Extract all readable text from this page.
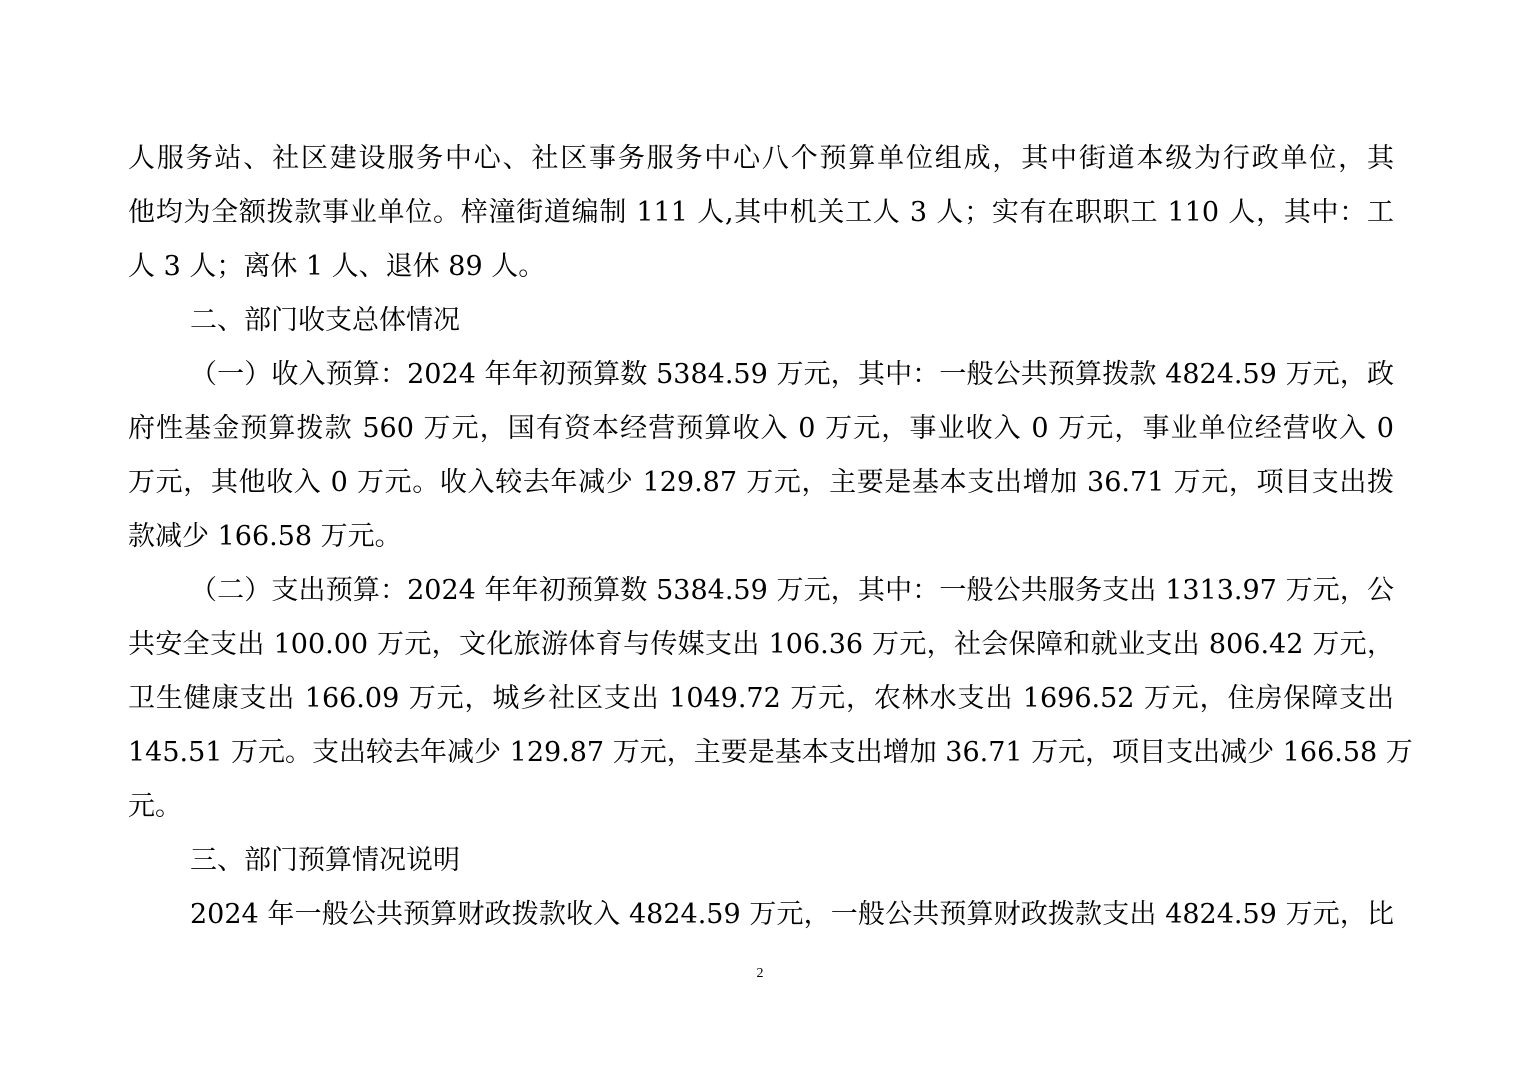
人服务站、社区建设服务中心、社区事务服务中心八个预算单位组成，其中街道本级为行政单位，其
他均为全额拨款事业单位。梓潼街道编制 111 人,其中机关工人 3 人；实有在职职工 110 人，其中：工
人 3 人；离休 1 人、退休 89 人。
二、部门收支总体情况
（一）收入预算：2024 年年初预算数 5384.59 万元，其中：一般公共预算拨款 4824.59 万元，政
府性基金预算拨款 560 万元，国有资本经营预算收入 0 万元，事业收入 0 万元，事业单位经营收入 0
万元，其他收入 0 万元。收入较去年减少 129.87 万元，主要是基本支出增加 36.71 万元，项目支出拨
款减少 166.58 万元。
（二）支出预算：2024 年年初预算数 5384.59 万元，其中：一般公共服务支出 1313.97 万元，公
共安全支出 100.00 万元，文化旅游体育与传媒支出 106.36 万元，社会保障和就业支出 806.42 万元，
卫生健康支出 166.09 万元，城乡社区支出 1049.72 万元，农林水支出 1696.52 万元，住房保障支出
145.51 万元。支出较去年减少 129.87 万元，主要是基本支出增加 36.71 万元，项目支出减少 166.58 万
元。
三、部门预算情况说明
2024 年一般公共预算财政拨款收入 4824.59 万元，一般公共预算财政拨款支出 4824.59 万元，比
2
